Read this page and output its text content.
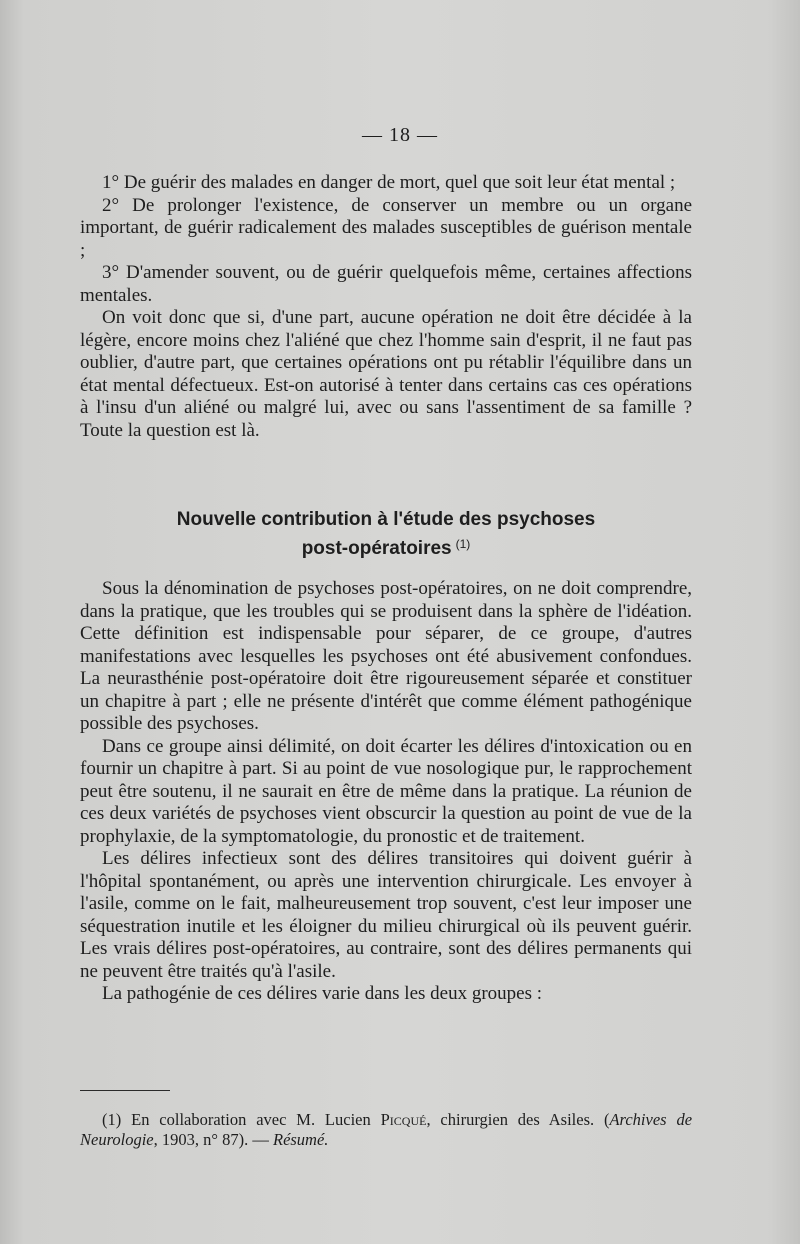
— 18 —

1° De guérir des malades en danger de mort, quel que soit leur état mental ;

2° De prolonger l'existence, de conserver un membre ou un organe important, de guérir radicalement des malades susceptibles de guérison mentale ;

3° D'amender souvent, ou de guérir quelquefois même, certaines affections mentales.

On voit donc que si, d'une part, aucune opération ne doit être décidée à la légère, encore moins chez l'aliéné que chez l'homme sain d'esprit, il ne faut pas oublier, d'autre part, que certaines opérations ont pu rétablir l'équilibre dans un état mental défectueux. Est-on autorisé à tenter dans certains cas ces opérations à l'insu d'un aliéné ou malgré lui, avec ou sans l'assentiment de sa famille ? Toute la question est là.

Nouvelle contribution à l'étude des psychoses
post-opératoires $^{(1)}$

Sous la dénomination de psychoses post-opératoires, on ne doit comprendre, dans la pratique, que les troubles qui se produisent dans la sphère de l'idéation. Cette définition est indispensable pour séparer, de ce groupe, d'autres manifestations avec lesquelles les psychoses ont été abusivement confondues. La neurasthénie post-opératoire doit être rigoureusement séparée et constituer un chapitre à part ; elle ne présente d'intérêt que comme élément pathogénique possible des psychoses.

Dans ce groupe ainsi délimité, on doit écarter les délires d'intoxication ou en fournir un chapitre à part. Si au point de vue nosologique pur, le rapprochement peut être soutenu, il ne saurait en être de même dans la pratique. La réunion de ces deux variétés de psychoses vient obscurcir la question au point de vue de la prophylaxie, de la symptomatologie, du pronostic et de traitement.

Les délires infectieux sont des délires transitoires qui doivent guérir à l'hôpital spontanément, ou après une intervention chirurgicale. Les envoyer à l'asile, comme on le fait, malheureusement trop souvent, c'est leur imposer une séquestration inutile et les éloigner du milieu chirurgical où ils peuvent guérir. Les vrais délires post-opératoires, au contraire, sont des délires permanents qui ne peuvent être traités qu'à l'asile.

La pathogénie de ces délires varie dans les deux groupes :

(1) En collaboration avec M. Lucien Picqué, chirurgien des Asiles. (Archives de Neurologie, 1903, n° 87). — Résumé.
